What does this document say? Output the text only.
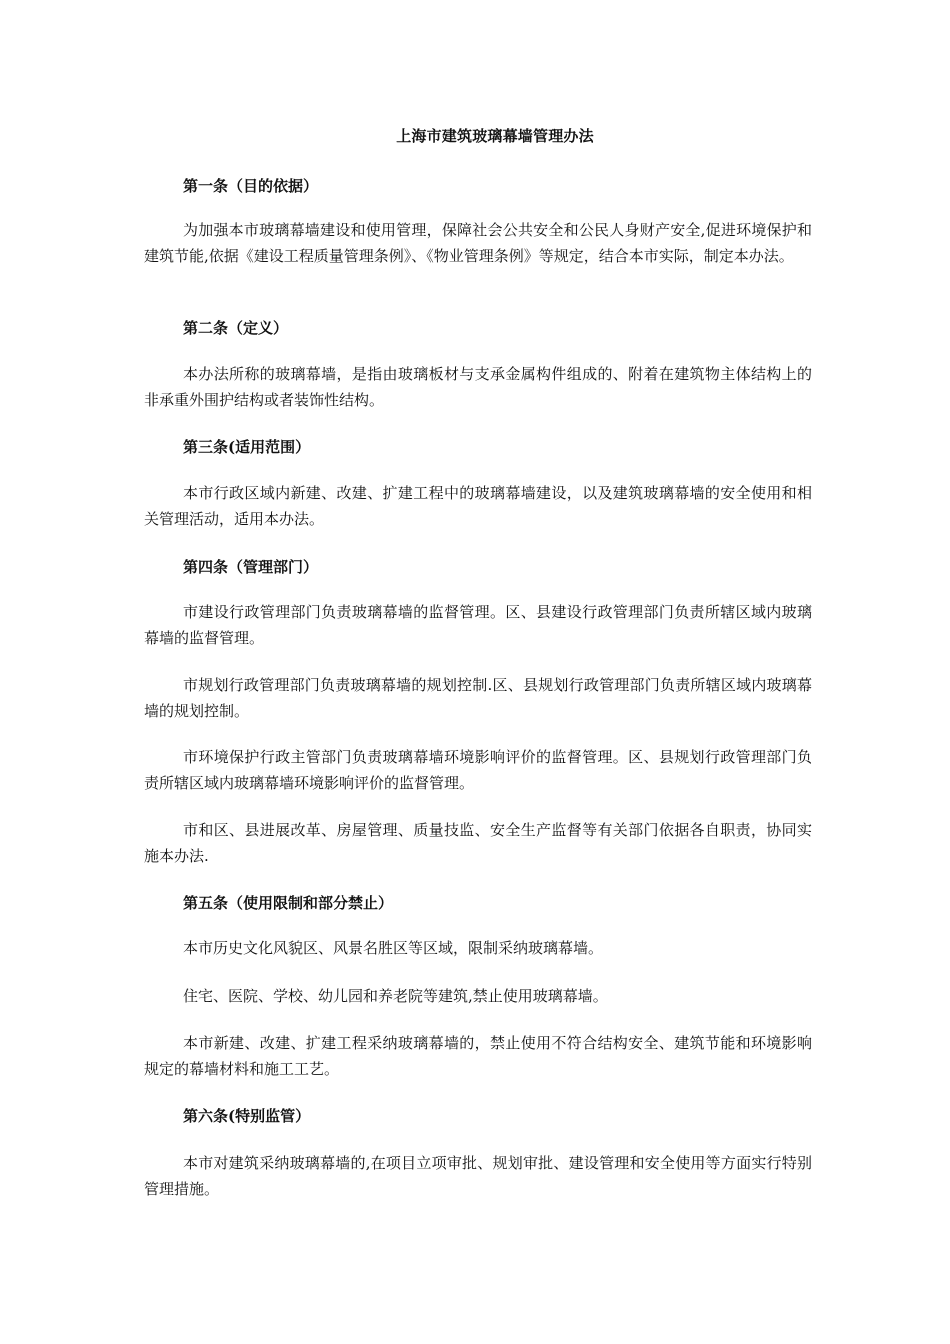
上海市建筑玻璃幕墙管理办法
第一条（目的依据）
为加强本市玻璃幕墙建设和使用管理，保障社会公共安全和公民人身财产安全,促进环境保护和建筑节能,依据《建设工程质量管理条例》、《物业管理条例》等规定，结合本市实际，制定本办法。
第二条（定义）
本办法所称的玻璃幕墙，是指由玻璃板材与支承金属构件组成的、附着在建筑物主体结构上的非承重外围护结构或者装饰性结构。
第三条(适用范围）
本市行政区域内新建、改建、扩建工程中的玻璃幕墙建设，以及建筑玻璃幕墙的安全使用和相关管理活动，适用本办法。
第四条（管理部门）
市建设行政管理部门负责玻璃幕墙的监督管理。区、县建设行政管理部门负责所辖区域内玻璃幕墙的监督管理。
市规划行政管理部门负责玻璃幕墙的规划控制.区、县规划行政管理部门负责所辖区域内玻璃幕墙的规划控制。
市环境保护行政主管部门负责玻璃幕墙环境影响评价的监督管理。区、县规划行政管理部门负责所辖区域内玻璃幕墙环境影响评价的监督管理。
市和区、县进展改革、房屋管理、质量技监、安全生产监督等有关部门依据各自职责，协同实施本办法.
第五条（使用限制和部分禁止）
本市历史文化风貌区、风景名胜区等区域，限制采纳玻璃幕墙。
住宅、医院、学校、幼儿园和养老院等建筑,禁止使用玻璃幕墙。
本市新建、改建、扩建工程采纳玻璃幕墙的，禁止使用不符合结构安全、建筑节能和环境影响规定的幕墙材料和施工工艺。
第六条(特别监管）
本市对建筑采纳玻璃幕墙的,在项目立项审批、规划审批、建设管理和安全使用等方面实行特别管理措施。
